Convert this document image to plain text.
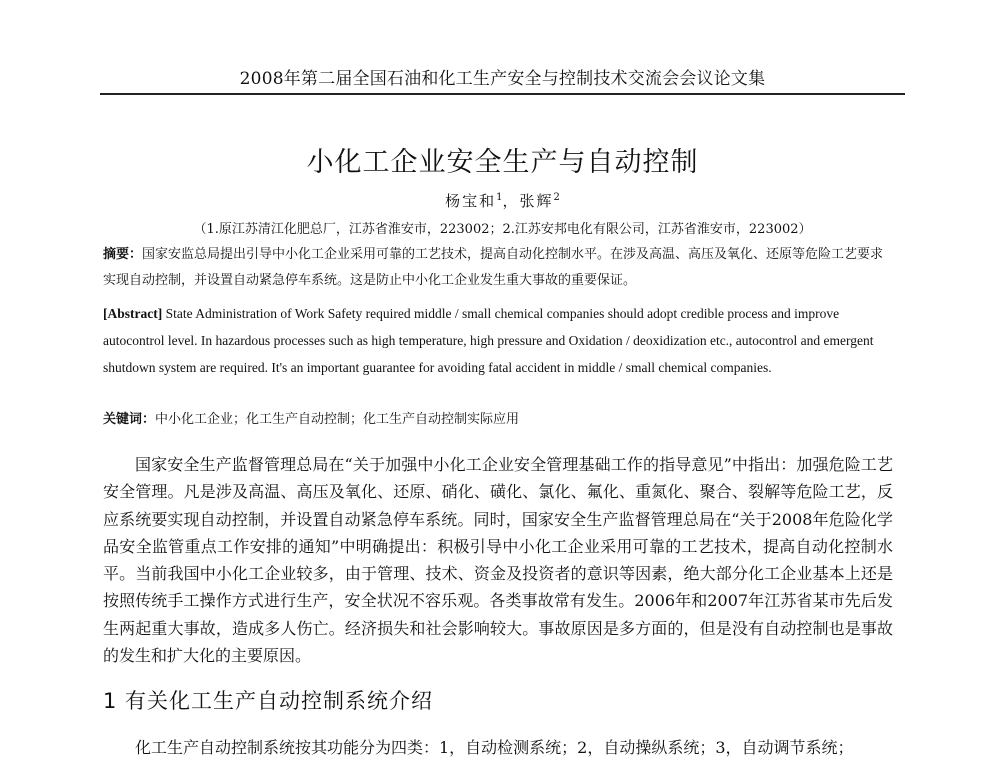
2008年第二届全国石油和化工生产安全与控制技术交流会会议论文集
小化工企业安全生产与自动控制
杨宝和$^1$，张辉$^2$
（1.原江苏清江化肥总厂，江苏省淮安市，223002；2.江苏安邦电化有限公司，江苏省淮安市，223002）
摘要：国家安监总局提出引导中小化工企业采用可靠的工艺技术，提高自动化控制水平。在涉及高温、高压及氧化、还原等危险工艺要求实现自动控制，并设置自动紧急停车系统。这是防止中小化工企业发生重大事故的重要保证。
[Abstract] State Administration of Work Safety required middle / small chemical companies should adopt credible process and improve autocontrol level. In hazardous processes such as high temperature, high pressure and Oxidation / deoxidization etc., autocontrol and emergent shutdown system are required. It's an important guarantee for avoiding fatal accident in middle / small chemical companies.
关键词：中小化工企业；化工生产自动控制；化工生产自动控制实际应用
国家安全生产监督管理总局在“关于加强中小化工企业安全管理基础工作的指导意见”中指出：加强危险工艺安全管理。凡是涉及高温、高压及氧化、还原、硝化、磺化、氯化、氟化、重氮化、聚合、裂解等危险工艺，反应系统要实现自动控制，并设置自动紧急停车系统。同时，国家安全生产监督管理总局在“关于2008年危险化学品安全监管重点工作安排的通知”中明确提出：积极引导中小化工企业采用可靠的工艺技术，提高自动化控制水平。当前我国中小化工企业较多，由于管理、技术、资金及投资者的意识等因素，绝大部分化工企业基本上还是按照传统手工操作方式进行生产，安全状况不容乐观。各类事故常有发生。2006年和2007年江苏省某市先后发生两起重大事故，造成多人伤亡。经济损失和社会影响较大。事故原因是多方面的，但是没有自动控制也是事故的发生和扩大化的主要原因。
1 有关化工生产自动控制系统介绍
化工生产自动控制系统按其功能分为四类：1，自动检测系统；2，自动操纵系统；3，自动调节系统；
